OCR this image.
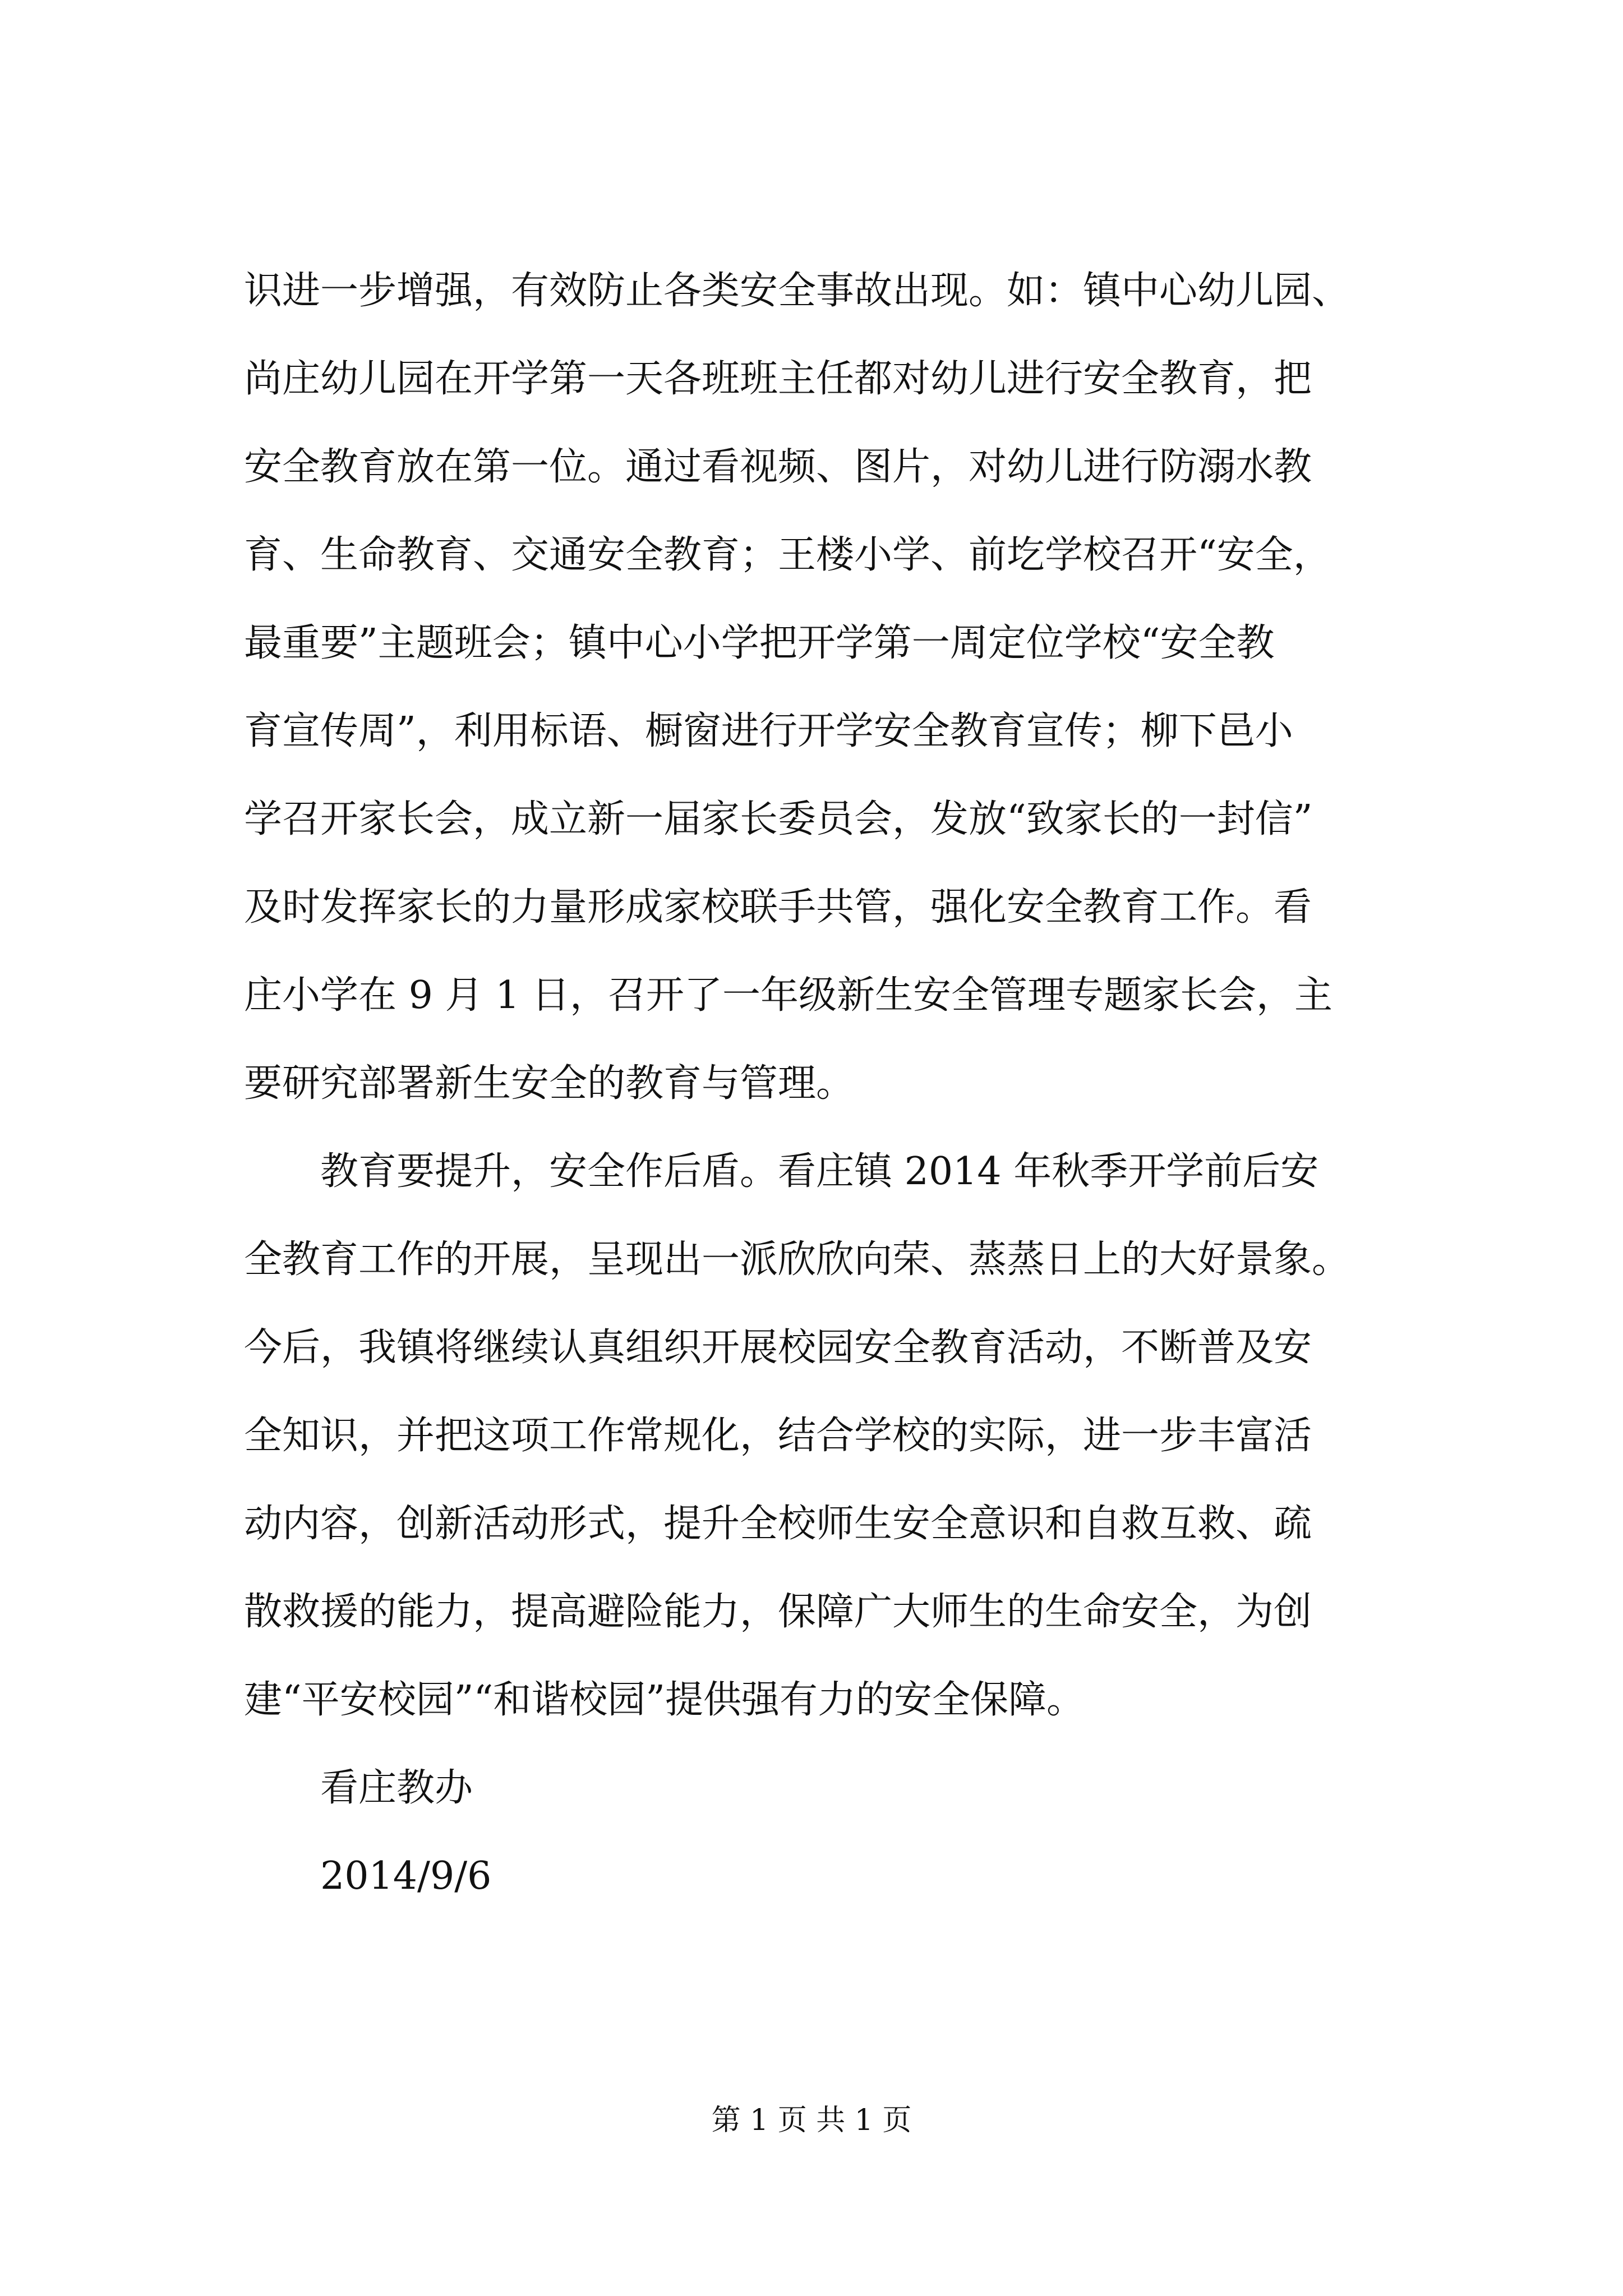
识进一步增强，有效防止各类安全事故出现。如：镇中心幼儿园、
尚庄幼儿园在开学第一天各班班主任都对幼儿进行安全教育，把
安全教育放在第一位。通过看视频、图片，对幼儿进行防溺水教
育、生命教育、交通安全教育；王楼小学、前圪学校召开“安全，
最重要”主题班会；镇中心小学把开学第一周定位学校“安全教
育宣传周”，利用标语、橱窗进行开学安全教育宣传；柳下邑小
学召开家长会，成立新一届家长委员会，发放“致家长的一封信”
及时发挥家长的力量形成家校联手共管，强化安全教育工作。看
庄小学在 9 月 1 日，召开了一年级新生安全管理专题家长会，主
要研究部署新生安全的教育与管理。

教育要提升，安全作后盾。看庄镇 2014 年秋季开学前后安
全教育工作的开展，呈现出一派欣欣向荣、蒸蒸日上的大好景象。
今后，我镇将继续认真组织开展校园安全教育活动，不断普及安
全知识，并把这项工作常规化，结合学校的实际，进一步丰富活
动内容，创新活动形式，提升全校师生安全意识和自救互救、疏
散救援的能力，提高避险能力，保障广大师生的生命安全，为创
建“平安校园”“和谐校园”提供强有力的安全保障。

看庄教办

2014/9/6

第 1 页 共 1 页
